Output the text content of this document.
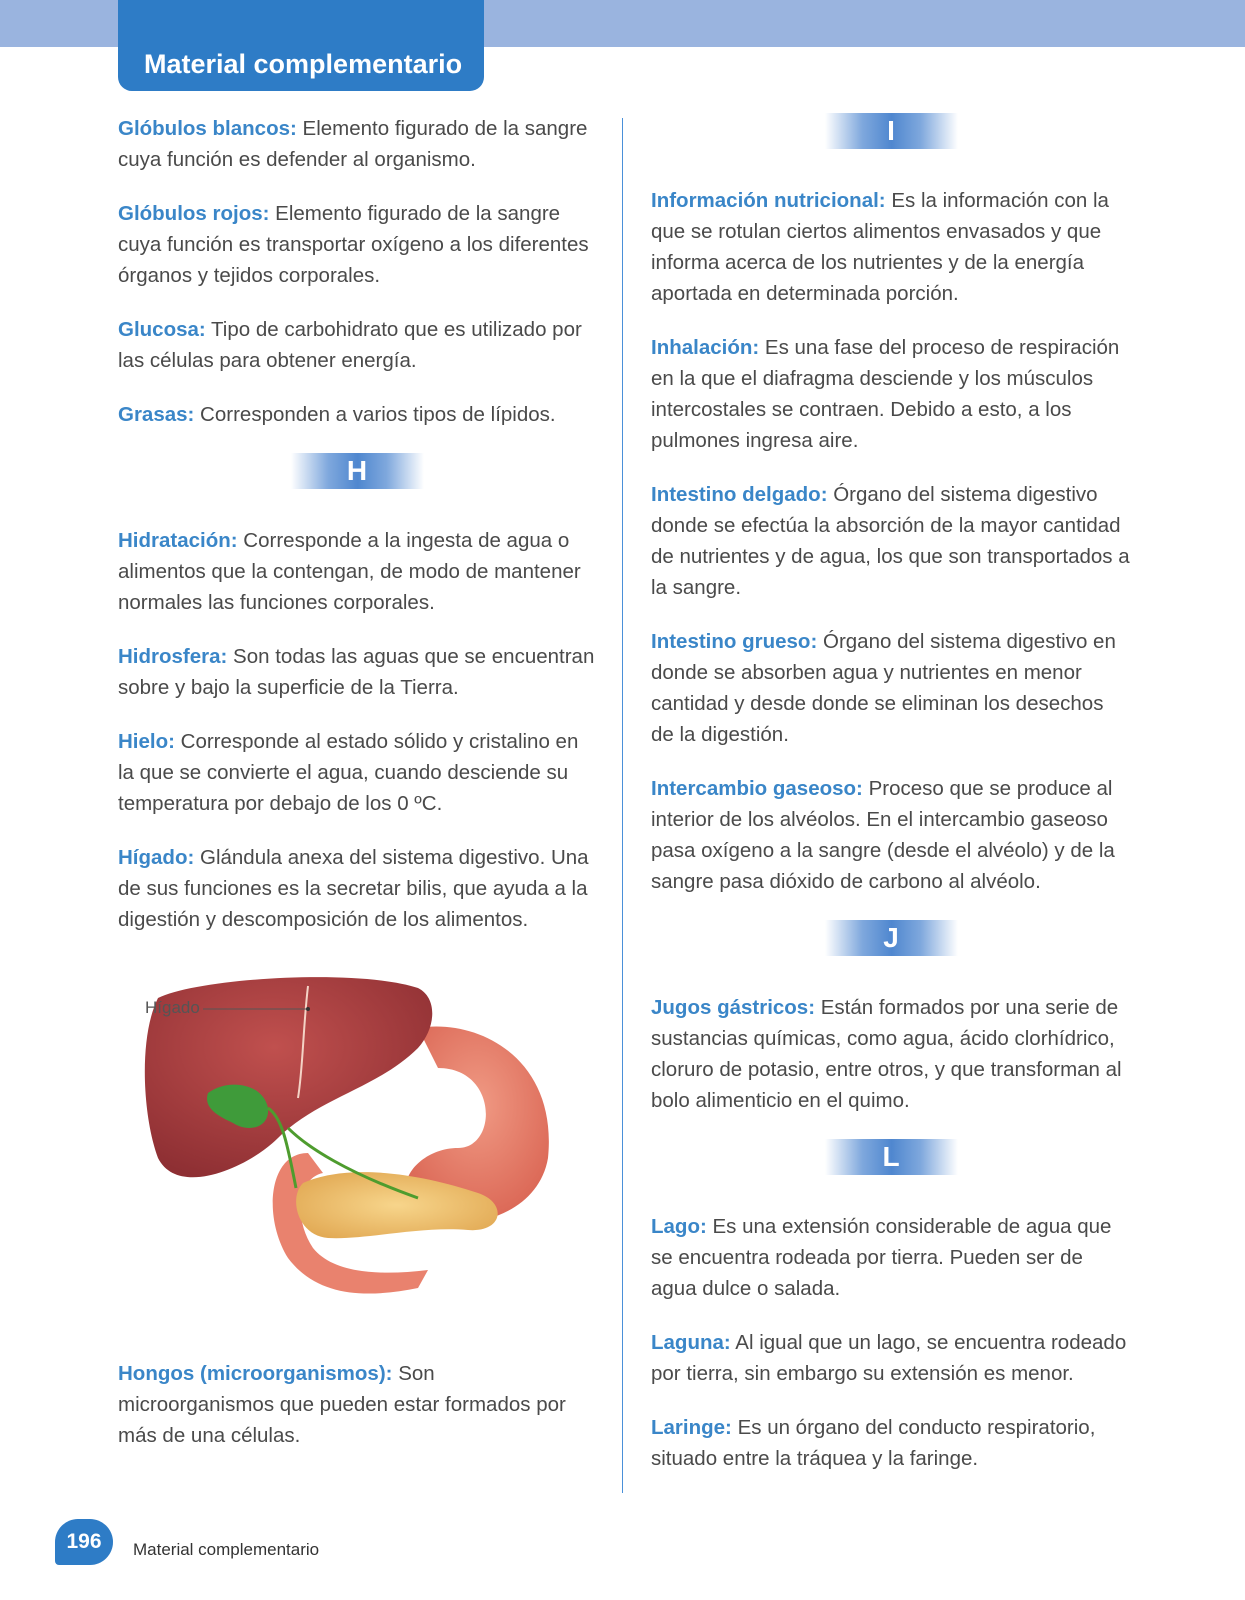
Material complementario

Glóbulos blancos: Elemento figurado de la sangre cuya función es defender al organismo.

Glóbulos rojos: Elemento figurado de la sangre cuya función es transportar oxígeno a los diferentes órganos y tejidos corporales.

Glucosa: Tipo de carbohidrato que es utilizado por las células para obtener energía.

Grasas: Corresponden a varios tipos de lípidos.

H

Hidratación: Corresponde a la ingesta de agua o alimentos que la contengan, de modo de mantener normales las funciones corporales.

Hidrosfera: Son todas las aguas que se encuentran sobre y bajo la superficie de la Tierra.

Hielo: Corresponde al estado sólido y cristalino en la que se convierte el agua, cuando desciende su temperatura por debajo de los 0 ºC.

Hígado: Glándula anexa del sistema digestivo. Una de sus funciones es la secretar bilis, que ayuda a la digestión y descomposición de los alimentos.

Hígado

Hongos (microorganismos): Son microorganismos que pueden estar formados por más de una células.

I

Información nutricional: Es la información con la que se rotulan ciertos alimentos envasados y que informa acerca de los nutrientes y de la energía aportada en determinada porción.

Inhalación: Es una fase del proceso de respiración en la que el diafragma desciende y los músculos intercostales se contraen. Debido a esto, a los pulmones ingresa aire.

Intestino delgado: Órgano del sistema digestivo donde se efectúa la absorción de la mayor cantidad de nutrientes y de agua, los que son transportados a la sangre.

Intestino grueso: Órgano del sistema digestivo en donde se absorben agua y nutrientes en menor cantidad y desde donde se eliminan los desechos de la digestión.

Intercambio gaseoso: Proceso que se produce al interior de los alvéolos. En el intercambio gaseoso pasa oxígeno a la sangre (desde el alvéolo) y de la sangre pasa dióxido de carbono al alvéolo.

J

Jugos gástricos: Están formados por una serie de sustancias químicas, como agua, ácido clorhídrico, cloruro de potasio, entre otros, y que transforman al bolo alimenticio en el quimo.

L

Lago: Es una extensión considerable de agua que se encuentra rodeada por tierra. Pueden ser de agua dulce o salada.

Laguna: Al igual que un lago, se encuentra rodeado por tierra, sin embargo su extensión es menor.

Laringe: Es un órgano del conducto respiratorio, situado entre la tráquea y la faringe.

196	Material complementario
